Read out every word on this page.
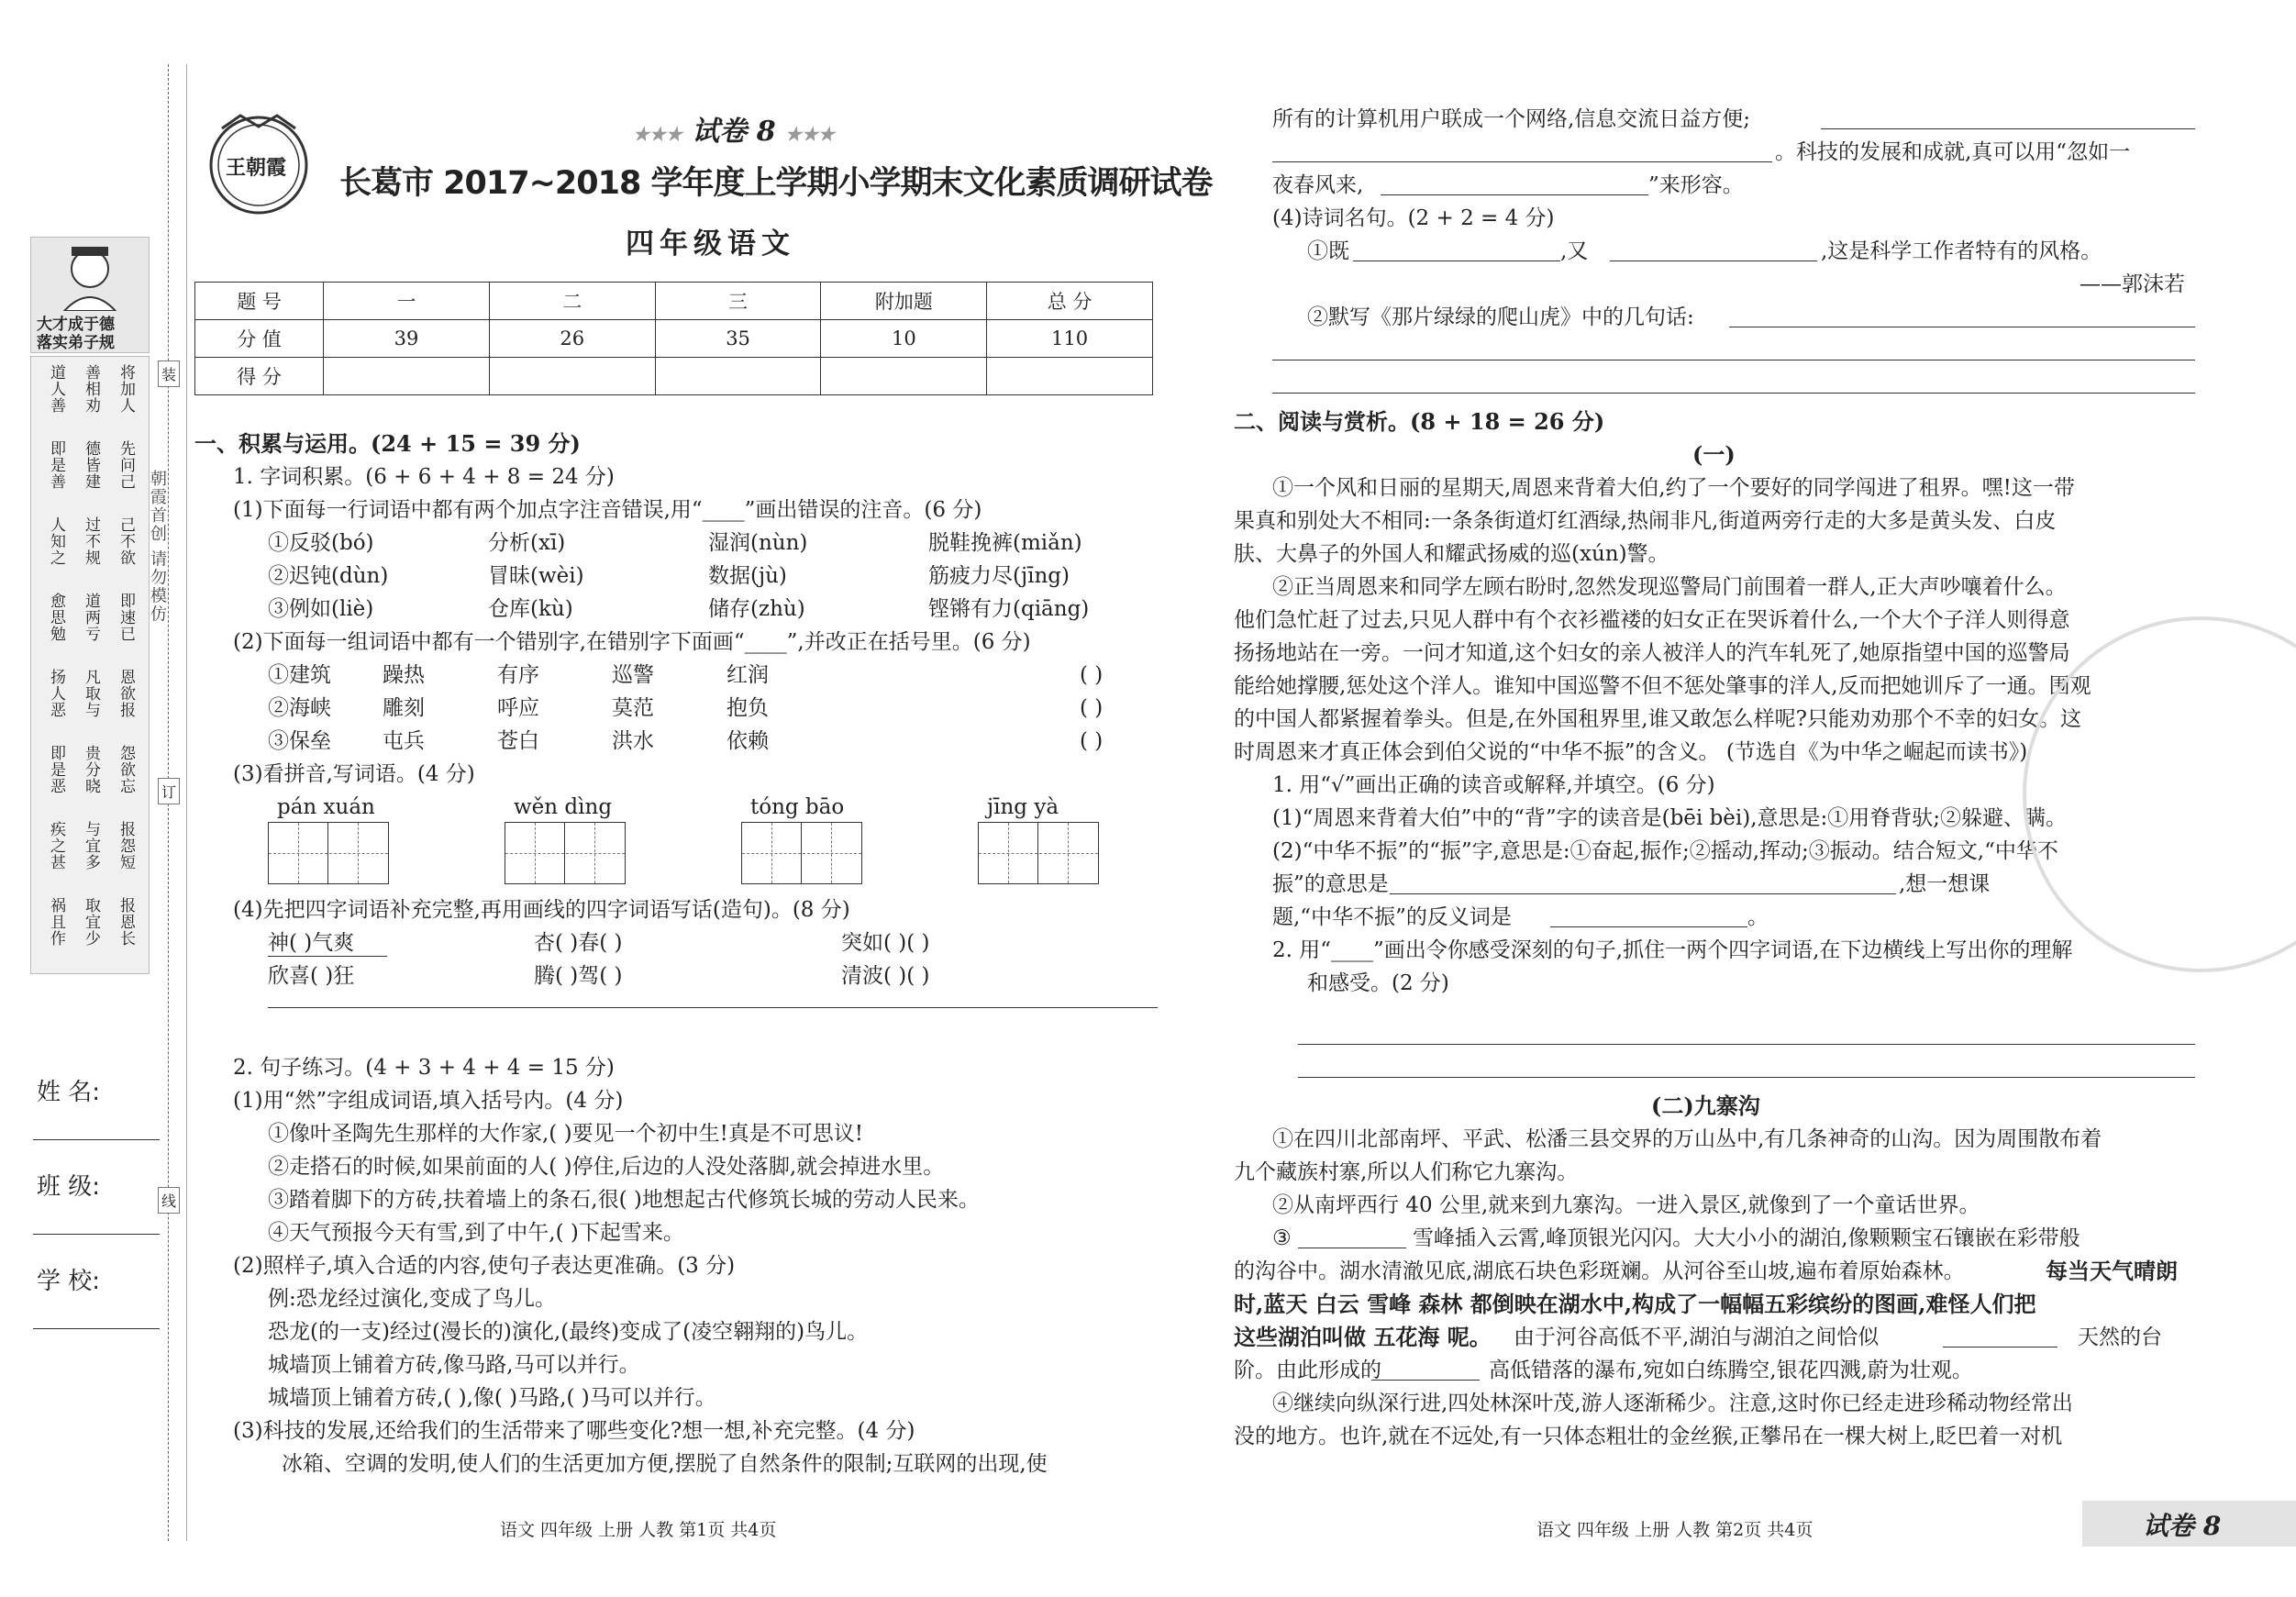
大才成于德
落实弟子规
将加人
善相劝
道人善
先问己
德皆建
即是善
己不欲
过不规
人知之
即速已
道两亏
愈思勉
恩欲报
凡取与
扬人恶
怨欲忘
贵分晓
即是恶
报怨短
与宜多
疾之甚
报恩长
取宜少
祸且作
装
朝霞首创 请勿模仿
订
线
姓 名:
班 级:
学 校:
王朝霞
★★★ 试卷 8 ★★★
长葛市 2017~2018 学年度上学期小学期末文化素质调研试卷
四年级语文
题 号	一	二	三	附加题	总 分
分 值	39	26	35	10	110
得 分					
一、积累与运用。(24 + 15 = 39 分)
1. 字词积累。(6 + 6 + 4 + 8 = 24 分)
(1)下面每一行词语中都有两个加点字注音错误,用“____”画出错误的注音。(6 分)
①反驳(bó)	分析(xī)	湿润(nùn)	脱鞋挽裤(miǎn)
②迟钝(dùn)	冒昧(wèi)	数据(jù)	筋疲力尽(jīng)
③例如(liè)	仓库(kù)	储存(zhù)	铿锵有力(qiāng)
(2)下面每一组词语中都有一个错别字,在错别字下面画“____”,并改正在括号里。(6 分)
①建筑 躁热	有序	巡警	红润	( )
②海峡 雕刻	呼应	莫范	抱负	( )
③保垒 屯兵	苍白	洪水	依赖	( )
(3)看拼音,写词语。(4 分)
pán xuán	wěn dìng	tóng bāo	jīng yà
(4)先把四字词语补充完整,再用画线的四字词语写话(造句)。(8 分)
神( )气爽	杏( )春( )	突如( )( )
欣喜( )狂	腾( )驾( )	清波( )( )
2. 句子练习。(4 + 3 + 4 + 4 = 15 分)
(1)用“然”字组成词语,填入括号内。(4 分)
①像叶圣陶先生那样的大作家,( )要见一个初中生!真是不可思议!
②走搭石的时候,如果前面的人( )停住,后边的人没处落脚,就会掉进水里。
③踏着脚下的方砖,扶着墙上的条石,很( )地想起古代修筑长城的劳动人民来。
④天气预报今天有雪,到了中午,( )下起雪来。
(2)照样子,填入合适的内容,使句子表达更准确。(3 分)
例:恐龙经过演化,变成了鸟儿。
恐龙(的一支)经过(漫长的)演化,(最终)变成了(凌空翱翔的)鸟儿。
城墙顶上铺着方砖,像马路,马可以并行。
城墙顶上铺着方砖,( ),像( )马路,( )马可以并行。
(3)科技的发展,还给我们的生活带来了哪些变化?想一想,补充完整。(4 分)
冰箱、空调的发明,使人们的生活更加方便,摆脱了自然条件的限制;互联网的出现,使
语文 四年级 上册 人教 第1页 共4页
所有的计算机用户联成一个网络,信息交流日益方便;
。科技的发展和成就,真可以用“忽如一
夜春风来,	”来形容。
(4)诗词名句。(2 + 2 = 4 分)
①既	,又	,这是科学工作者特有的风格。
——郭沫若
②默写《那片绿绿的爬山虎》中的几句话:
二、阅读与赏析。(8 + 18 = 26 分)
(一)
①一个风和日丽的星期天,周恩来背着大伯,约了一个要好的同学闯进了租界。嘿!这一带
果真和别处大不相同:一条条街道灯红酒绿,热闹非凡,街道两旁行走的大多是黄头发、白皮
肤、大鼻子的外国人和耀武扬威的巡(xún)警。
②正当周恩来和同学左顾右盼时,忽然发现巡警局门前围着一群人,正大声吵嚷着什么。
他们急忙赶了过去,只见人群中有个衣衫褴褛的妇女正在哭诉着什么,一个大个子洋人则得意
扬扬地站在一旁。一问才知道,这个妇女的亲人被洋人的汽车轧死了,她原指望中国的巡警局
能给她撑腰,惩处这个洋人。谁知中国巡警不但不惩处肇事的洋人,反而把她训斥了一通。围观
的中国人都紧握着拳头。但是,在外国租界里,谁又敢怎么样呢?只能劝劝那个不幸的妇女。这
时周恩来才真正体会到伯父说的“中华不振”的含义。 (节选自《为中华之崛起而读书》)
1. 用“√”画出正确的读音或解释,并填空。(6 分)
(1)“周恩来背着大伯”中的“背”字的读音是(bēi bèi),意思是:①用脊背驮;②躲避、瞒。
(2)“中华不振”的“振”字,意思是:①奋起,振作;②摇动,挥动;③振动。结合短文,“中华不
振”的意思是	,想一想课
题,“中华不振”的反义词是	。
2. 用“____”画出令你感受深刻的句子,抓住一两个四字词语,在下边横线上写出你的理解
和感受。(2 分)
(二)九寨沟
①在四川北部南坪、平武、松潘三县交界的万山丛中,有几条神奇的山沟。因为周围散布着
九个藏族村寨,所以人们称它九寨沟。
②从南坪西行 40 公里,就来到九寨沟。一进入景区,就像到了一个童话世界。
③	雪峰插入云霄,峰顶银光闪闪。大大小小的湖泊,像颗颗宝石镶嵌在彩带般
的沟谷中。湖水清澈见底,湖底石块色彩斑斓。从河谷至山坡,遍布着原始森林。	每当天气晴朗
时,蓝天 白云 雪峰 森林 都倒映在湖水中,构成了一幅幅五彩缤纷的图画,难怪人们把
这些湖泊叫做 五花海 呢。 由于河谷高低不平,湖泊与湖泊之间恰似	天然的台
阶。由此形成的	高低错落的瀑布,宛如白练腾空,银花四溅,蔚为壮观。
④继续向纵深行进,四处林深叶茂,游人逐渐稀少。注意,这时你已经走进珍稀动物经常出
没的地方。也许,就在不远处,有一只体态粗壮的金丝猴,正攀吊在一棵大树上,眨巴着一对机
语文 四年级 上册 人教 第2页 共4页	试卷 8
